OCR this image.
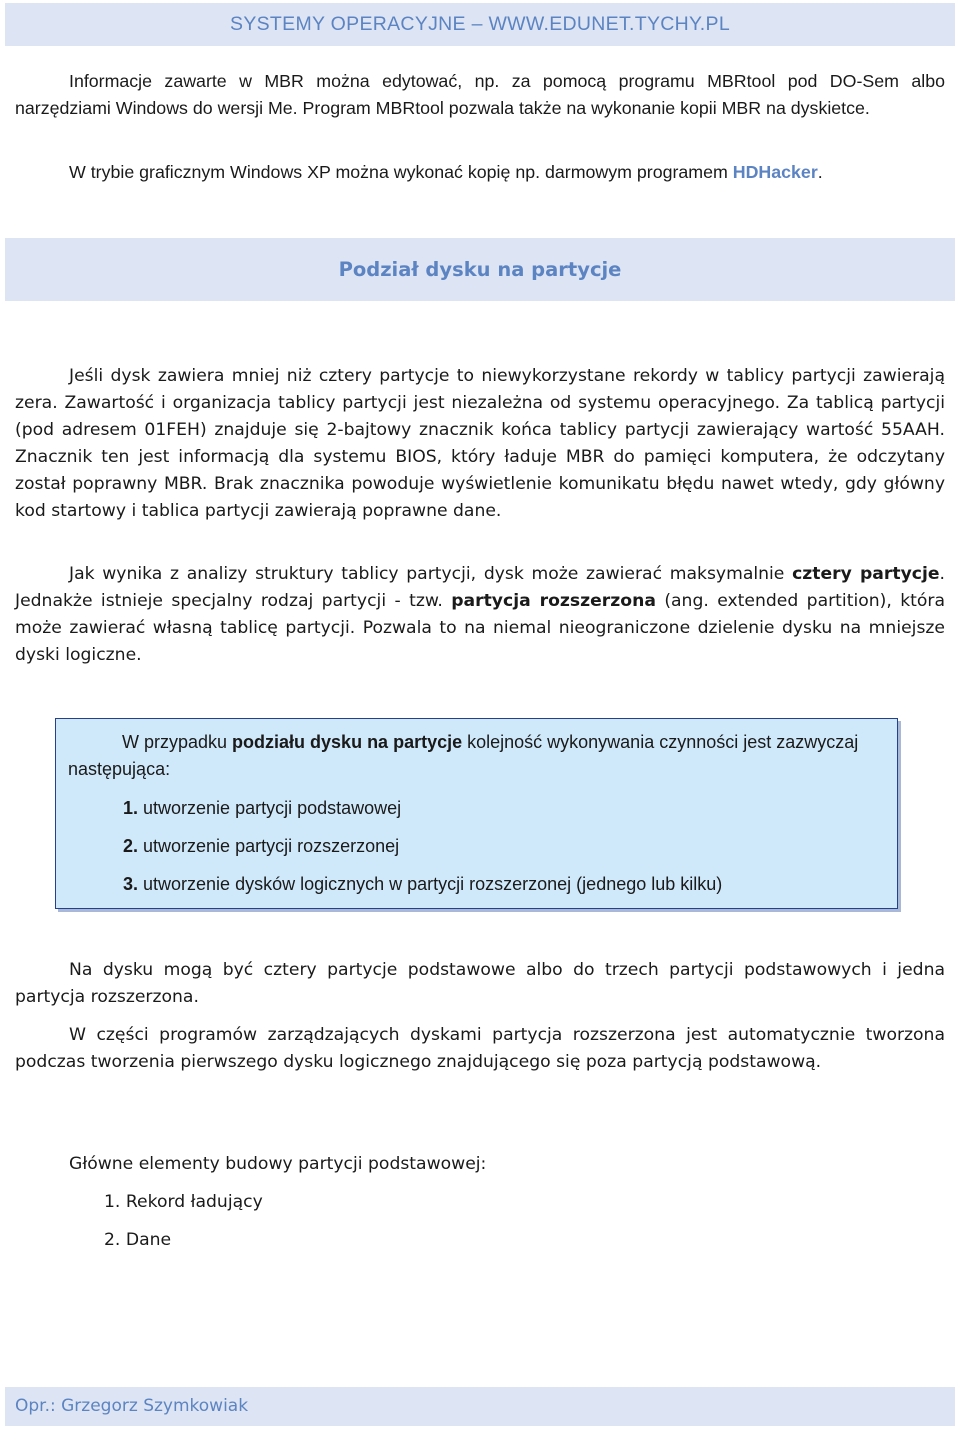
SYSTEMY OPERACYJNE – WWW.EDUNET.TYCHY.PL

Informacje zawarte w MBR można edytować, np. za pomocą programu MBRtool pod DO-Sem albo narzędziami Windows do wersji Me. Program MBRtool pozwala także na wykonanie kopii MBR na dyskietce.

W trybie graficznym Windows XP można wykonać kopię np. darmowym programem HDHacker.

Podział dysku na partycje

Jeśli dysk zawiera mniej niż cztery partycje to niewykorzystane rekordy w tablicy partycji zawierają zera. Zawartość i organizacja tablicy partycji jest niezależna od systemu operacyjnego. Za tablicą partycji (pod adresem 01FEH) znajduje się 2-bajtowy znacznik końca tablicy partycji zawierający wartość 55AAH. Znacznik ten jest informacją dla systemu BIOS, który ładuje MBR do pamięci komputera, że odczytany został poprawny MBR. Brak znacznika powoduje wyświetlenie komunikatu błędu nawet wtedy, gdy główny kod startowy i tablica partycji zawierają poprawne dane.

Jak wynika z analizy struktury tablicy partycji, dysk może zawierać maksymalnie cztery partycje. Jednakże istnieje specjalny rodzaj partycji - tzw. partycja rozszerzona (ang. extended partition), która może zawierać własną tablicę partycji. Pozwala to na niemal nieograniczone dzielenie dysku na mniejsze dyski logiczne.

W przypadku podziału dysku na partycje kolejność wykonywania czynności jest zazwyczaj następująca:

1. utworzenie partycji podstawowej

2. utworzenie partycji rozszerzonej

3. utworzenie dysków logicznych w partycji rozszerzonej (jednego lub kilku)

Na dysku mogą być cztery partycje podstawowe albo do trzech partycji podstawowych i jedna partycja rozszerzona.

W części programów zarządzających dyskami partycja rozszerzona jest automatycznie tworzona podczas tworzenia pierwszego dysku logicznego znajdującego się poza partycją podstawową.

Główne elementy budowy partycji podstawowej:

1. Rekord ładujący

2. Dane

Opr.: Grzegorz Szymkowiak
